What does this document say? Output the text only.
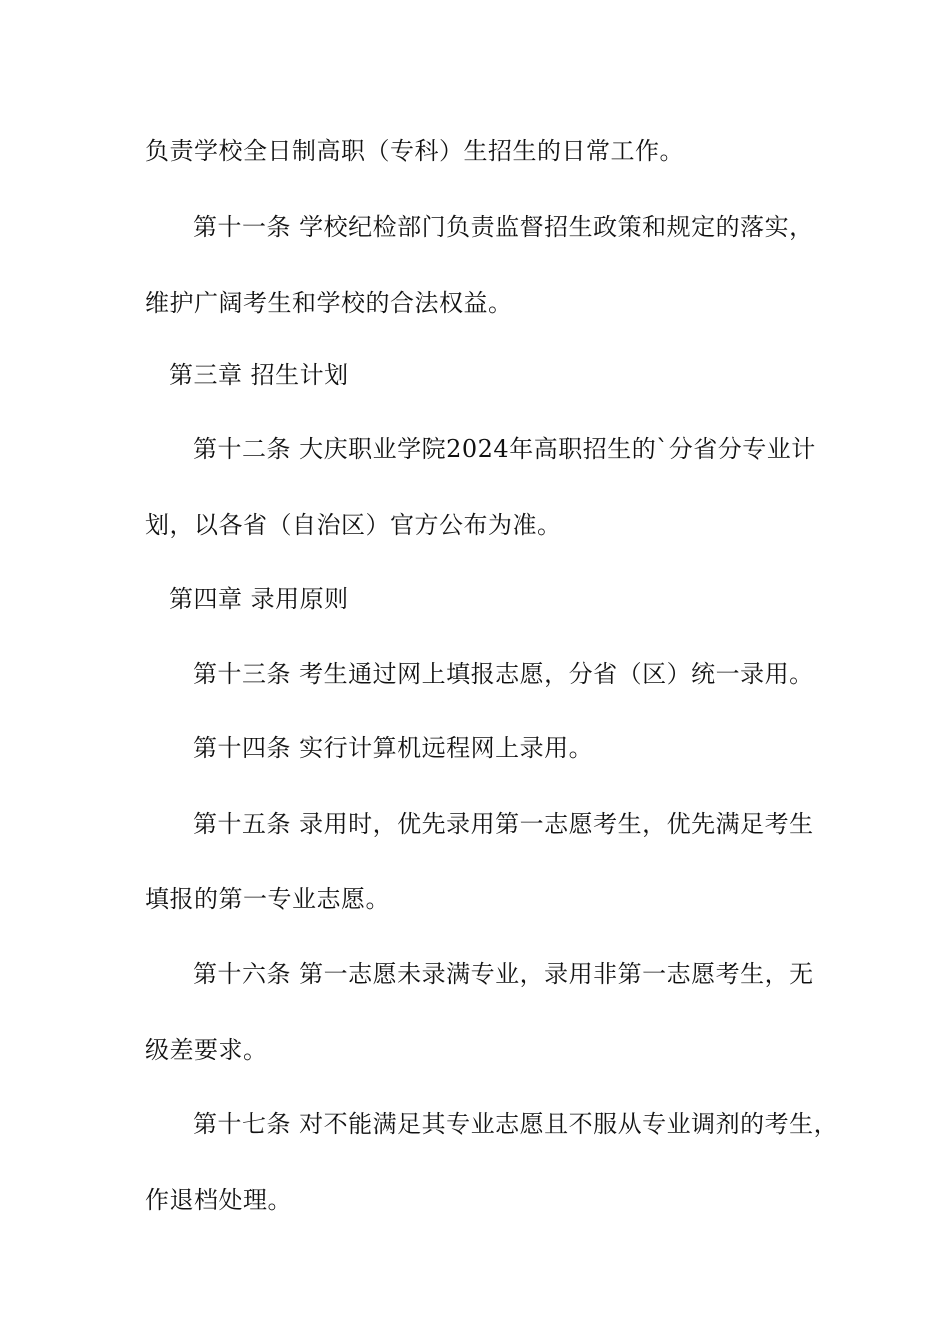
负责学校全日制高职（专科）生招生的日常工作。
第十一条 学校纪检部门负责监督招生政策和规定的落实，
维护广阔考生和学校的合法权益。
第三章 招生计划
第十二条 大庆职业学院2024年高职招生的`分省分专业计
划，以各省（自治区）官方公布为准。
第四章 录用原则
第十三条 考生通过网上填报志愿，分省（区）统一录用。
第十四条 实行计算机远程网上录用。
第十五条 录用时，优先录用第一志愿考生，优先满足考生
填报的第一专业志愿。
第十六条 第一志愿未录满专业，录用非第一志愿考生，无
级差要求。
第十七条 对不能满足其专业志愿且不服从专业调剂的考生，
作退档处理。
